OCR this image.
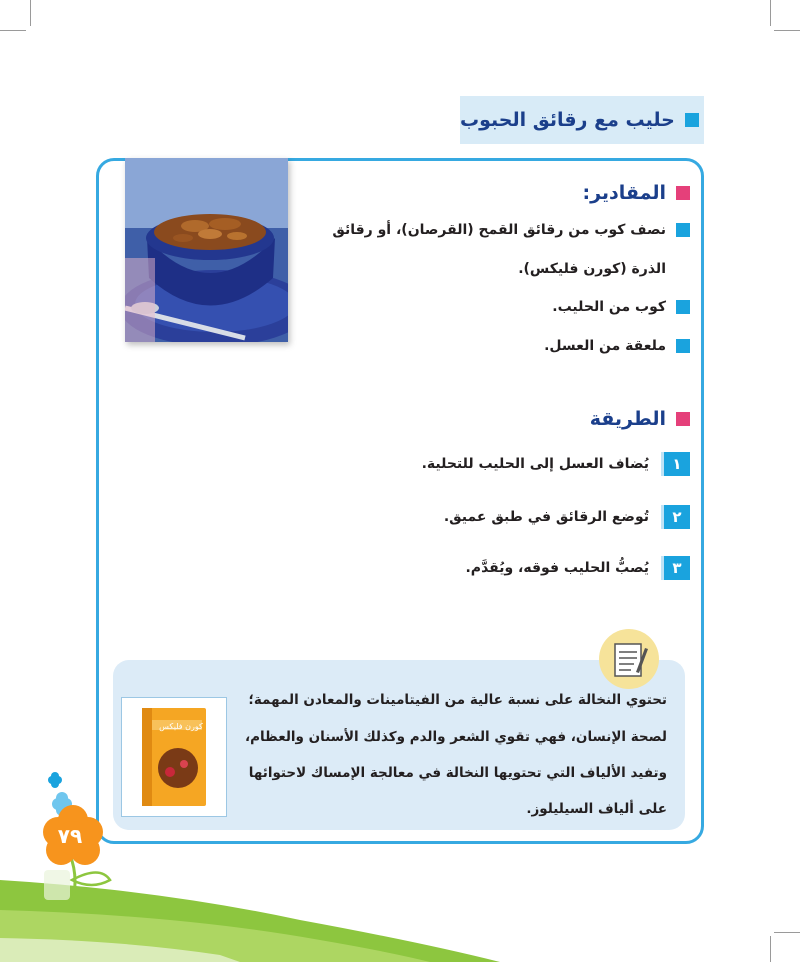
حليب مع رقائق الحبوب
المقادير:
نصف كوب من رقائق القمح (القرصان)، أو رقائق
الذرة (كورن فليكس).
كوب من الحليب.
ملعقة من العسل.
الطريقة
١
يُضاف العسل إلى الحليب للتحلية.
٢
تُوضع الرقائق في طبق عميق.
٣
يُصبُّ الحليب فوقه، ويُقدَّم.
كورن فليكس
تحتوي النخالة على نسبة عالية من الفيتامينات والمعادن المهمة؛
لصحة الإنسان، فهي تقوي الشعر والدم وكذلك الأسنان والعظام،
وتفيد الألياف التي تحتويها النخالة في معالجة الإمساك لاحتوائها
على ألياف السيليلوز.
٧٩
